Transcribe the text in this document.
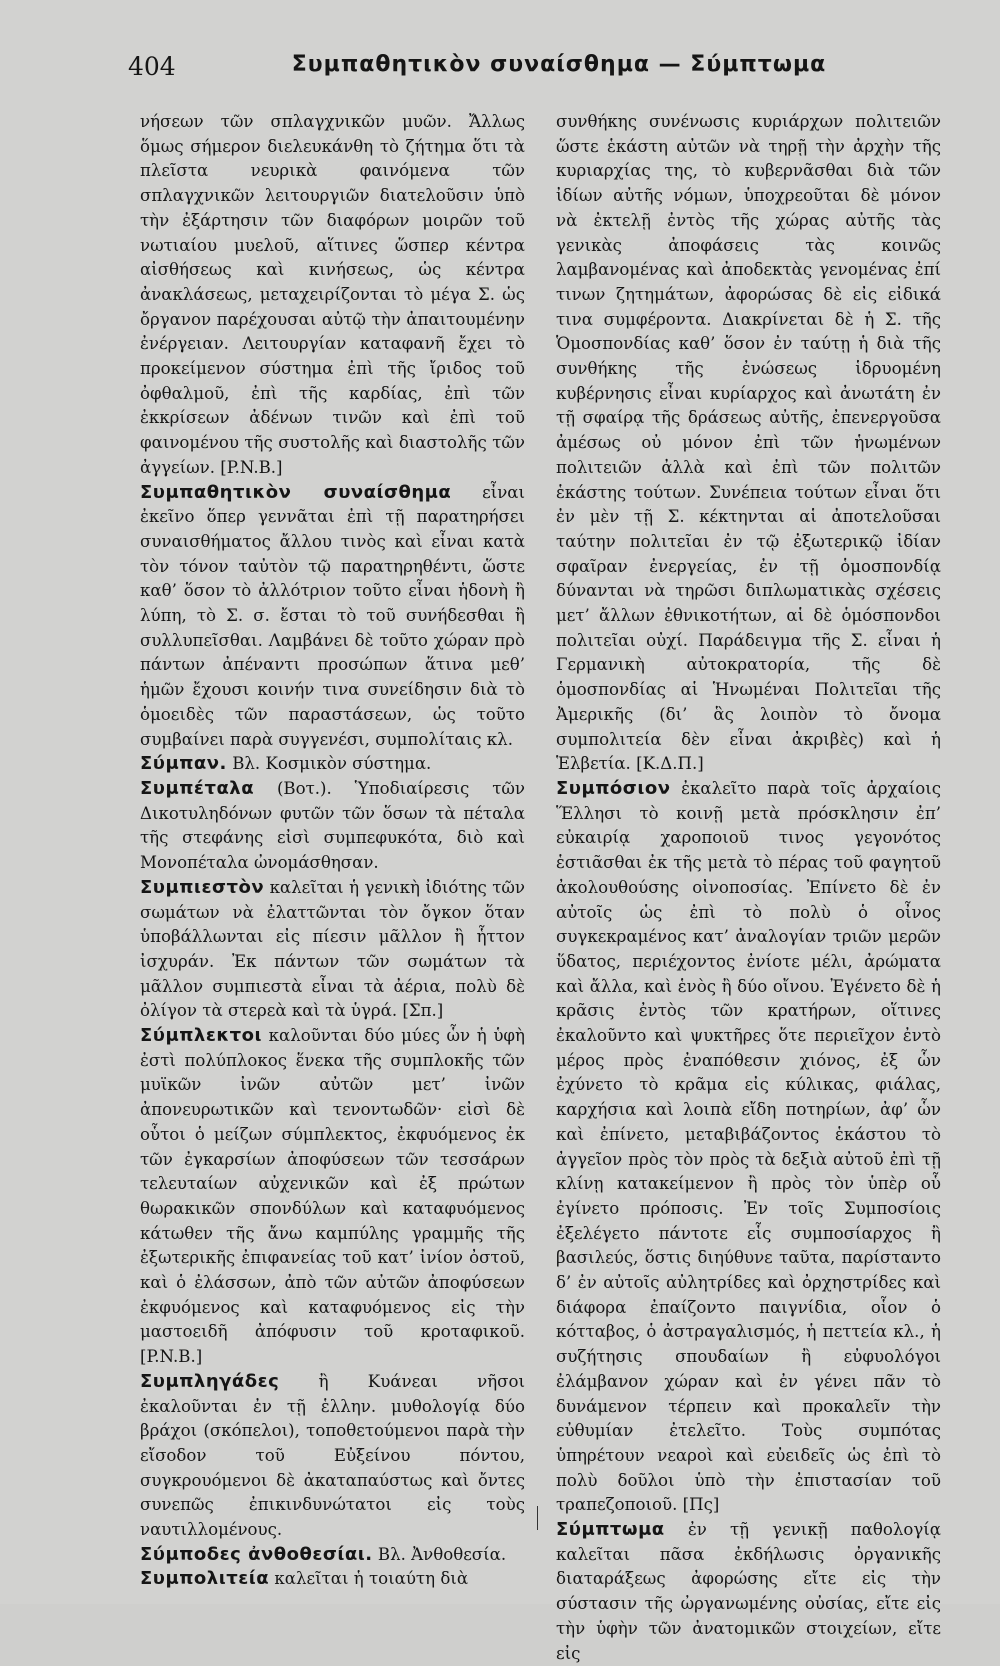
404	Συμπαθητικὸν συναίσθημα — Σύμπτωμα

νήσεων τῶν σπλαγχνικῶν μυῶν. Ἄλλως ὅμως σήμερον διελευκάνθη τὸ ζήτημα ὅτι τὰ πλεῖστα νευρικὰ φαινόμενα τῶν σπλαγχνικῶν λειτουργιῶν διατελοῦσιν ὑπὸ τὴν ἐξάρτησιν τῶν διαφόρων μοιρῶν τοῦ νωτιαίου μυελοῦ, αἵτινες ὥσπερ κέντρα αἰσθήσεως καὶ κινήσεως, ὡς κέντρα ἀνακλάσεως, μεταχειρίζονται τὸ μέγα Σ. ὡς ὄργανον παρέχουσαι αὐτῷ τὴν ἀπαιτουμένην ἐνέργειαν. Λειτουργίαν καταφανῆ ἔχει τὸ προκείμενον σύστημα ἐπὶ τῆς ἴριδος τοῦ ὀφθαλμοῦ, ἐπὶ τῆς καρδίας, ἐπὶ τῶν ἐκκρίσεων ἀδένων τινῶν καὶ ἐπὶ τοῦ φαινομένου τῆς συστολῆς καὶ διαστολῆς τῶν ἀγγείων. [P.N.B.]

Συμπαθητικὸν συναίσθημα εἶναι ἐκεῖνο ὅπερ γεννᾶται ἐπὶ τῇ παρατηρήσει συναισθήματος ἄλλου τινὸς καὶ εἶναι κατὰ τὸν τόνον ταὐτὸν τῷ παρατηρηθέντι, ὥστε καθ’ ὅσον τὸ ἀλλότριον τοῦτο εἶναι ἡδονὴ ἢ λύπη, τὸ Σ. σ. ἔσται τὸ τοῦ συνήδεσθαι ἢ συλλυπεῖσθαι. Λαμβάνει δὲ τοῦτο χώραν πρὸ πάντων ἀπέναντι προσώπων ἅτινα μεθ’ ἡμῶν ἔχουσι κοινήν τινα συνείδησιν διὰ τὸ ὁμοειδὲς τῶν παραστάσεων, ὡς τοῦτο συμβαίνει παρὰ συγγενέσι, συμπολίταις κλ.

Σύμπαν. Βλ. Κοσμικὸν σύστημα.

Συμπέταλα (Βοτ.). Ὑποδιαίρεσις τῶν Δικοτυληδόνων φυτῶν τῶν ὅσων τὰ πέταλα τῆς στεφάνης εἰσὶ συμπεφυκότα, διὸ καὶ Μονοπέταλα ὠνομάσθησαν.

Συμπιεστὸν καλεῖται ἡ γενικὴ ἰδιότης τῶν σωμάτων νὰ ἐλαττῶνται τὸν ὄγκον ὅταν ὑποβάλλωνται εἰς πίεσιν μᾶλλον ἢ ἧττον ἰσχυράν. Ἐκ πάντων τῶν σωμάτων τὰ μᾶλλον συμπιεστὰ εἶναι τὰ ἀέρια, πολὺ δὲ ὀλίγον τὰ στερεὰ καὶ τὰ ὑγρά. [Σπ.]

Σύμπλεκτοι καλοῦνται δύο μύες ὧν ἡ ὑφὴ ἐστὶ πολύπλοκος ἕνεκα τῆς συμπλοκῆς τῶν μυϊκῶν ἰνῶν αὐτῶν μετ’ ἰνῶν ἀπονευρωτικῶν καὶ τενοντωδῶν· εἰσὶ δὲ οὗτοι ὁ μείζων σύμπλεκτος, ἐκφυόμενος ἐκ τῶν ἐγκαρσίων ἀποφύσεων τῶν τεσσάρων τελευταίων αὐχενικῶν καὶ ἐξ πρώτων θωρακικῶν σπονδύλων καὶ καταφυόμενος κάτωθεν τῆς ἄνω καμπύλης γραμμῆς τῆς ἐξωτερικῆς ἐπιφανείας τοῦ κατ’ ἰνίον ὀστοῦ, καὶ ὁ ἐλάσσων, ἀπὸ τῶν αὐτῶν ἀποφύσεων ἐκφυόμενος καὶ καταφυόμενος εἰς τὴν μαστοειδῆ ἀπόφυσιν τοῦ κροταφικοῦ. [P.N.B.]

Συμπληγάδες ἢ Κυάνεαι νῆσοι ἐκαλοῦνται ἐν τῇ ἑλλην. μυθολογίᾳ δύο βράχοι (σκόπελοι), τοποθετούμενοι παρὰ τὴν εἴσοδον τοῦ Εὐξείνου πόντου, συγκρουόμενοι δὲ ἀκαταπαύστως καὶ ὄντες συνεπῶς ἐπικινδυνώτατοι εἰς τοὺς ναυτιλλομένους.

Σύμποδες ἀνθοθεσίαι. Βλ. Ἀνθοθεσία.

Συμπολιτεία καλεῖται ἡ τοιαύτη διὰ

συνθήκης συνένωσις κυριάρχων πολιτειῶν ὥστε ἑκάστη αὐτῶν νὰ τηρῇ τὴν ἀρχὴν τῆς κυριαρχίας της, τὸ κυβερνᾶσθαι διὰ τῶν ἰδίων αὐτῆς νόμων, ὑποχρεοῦται δὲ μόνον νὰ ἐκτελῇ ἐντὸς τῆς χώρας αὐτῆς τὰς γενικὰς ἀποφάσεις τὰς κοινῶς λαμβανομένας καὶ ἀποδεκτὰς γενομένας ἐπί τινων ζητημάτων, ἀφορώσας δὲ εἰς εἰδικά τινα συμφέροντα. Διακρίνεται δὲ ἡ Σ. τῆς Ὁμοσπονδίας καθ’ ὅσον ἐν ταύτῃ ἡ διὰ τῆς συνθήκης τῆς ἐνώσεως ἱδρυομένη κυβέρνησις εἶναι κυρίαρχος καὶ ἀνωτάτη ἐν τῇ σφαίρᾳ τῆς δράσεως αὐτῆς, ἐπενεργοῦσα ἀμέσως οὐ μόνον ἐπὶ τῶν ἡνωμένων πολιτειῶν ἀλλὰ καὶ ἐπὶ τῶν πολιτῶν ἑκάστης τούτων. Συνέπεια τούτων εἶναι ὅτι ἐν μὲν τῇ Σ. κέκτηνται αἱ ἀποτελοῦσαι ταύτην πολιτεῖαι ἐν τῷ ἐξωτερικῷ ἰδίαν σφαῖραν ἐνεργείας, ἐν τῇ ὁμοσπονδίᾳ δύνανται νὰ τηρῶσι διπλωματικὰς σχέσεις μετ’ ἄλλων ἐθνικοτήτων, αἱ δὲ ὁμόσπονδοι πολιτεῖαι οὐχί. Παράδειγμα τῆς Σ. εἶναι ἡ Γερμανικὴ αὐτοκρατορία, τῆς δὲ ὁμοσπονδίας αἱ Ἡνωμέναι Πολιτεῖαι τῆς Ἀμερικῆς (δι’ ἃς λοιπὸν τὸ ὄνομα συμπολιτεία δὲν εἶναι ἀκριβὲς) καὶ ἡ Ἑλβετία. [Κ.Δ.Π.]

Συμπόσιον ἐκαλεῖτο παρὰ τοῖς ἀρχαίοις Ἕλλησι τὸ κοινῇ μετὰ πρόσκλησιν ἐπ’ εὐκαιρίᾳ χαροποιοῦ τινος γεγονότος ἑστιᾶσθαι ἐκ τῆς μετὰ τὸ πέρας τοῦ φαγητοῦ ἀκολουθούσης οἰνοποσίας. Ἐπίνετο δὲ ἐν αὐτοῖς ὡς ἐπὶ τὸ πολὺ ὁ οἶνος συγκεκραμένος κατ’ ἀναλογίαν τριῶν μερῶν ὕδατος, περιέχοντος ἐνίοτε μέλι, ἀρώματα καὶ ἄλλα, καὶ ἑνὸς ἢ δύο οἴνου. Ἐγένετο δὲ ἡ κρᾶσις ἐντὸς τῶν κρατήρων, οἵτινες ἐκαλοῦντο καὶ ψυκτῆρες ὅτε περιεῖχον ἐντὸ μέρος πρὸς ἐναπόθεσιν χιόνος, ἐξ ὧν ἐχύνετο τὸ κρᾶμα εἰς κύλικας, φιάλας, καρχήσια καὶ λοιπὰ εἴδη ποτηρίων, ἀφ’ ὧν καὶ ἐπίνετο, μεταβιβάζοντος ἑκάστου τὸ ἀγγεῖον πρὸς τὸν πρὸς τὰ δεξιὰ αὐτοῦ ἐπὶ τῇ κλίνῃ κατακείμενον ἢ πρὸς τὸν ὑπὲρ οὗ ἐγίνετο πρόποσις. Ἐν τοῖς Συμποσίοις ἐξελέγετο πάντοτε εἷς συμποσίαρχος ἢ βασιλεύς, ὅστις διηύθυνε ταῦτα, παρίσταντο δ’ ἐν αὐτοῖς αὐλητρίδες καὶ ὀρχηστρίδες καὶ διάφορα ἐπαίζοντο παιγνίδια, οἷον ὁ κότταβος, ὁ ἀστραγαλισμός, ἡ πεττεία κλ., ἡ συζήτησις σπουδαίων ἢ εὐφυολόγοι ἐλάμβανον χώραν καὶ ἐν γένει πᾶν τὸ δυνάμενον τέρπειν καὶ προκαλεῖν τὴν εὐθυμίαν ἐτελεῖτο. Τοὺς συμπότας ὑπηρέτουν νεαροὶ καὶ εὐειδεῖς ὡς ἐπὶ τὸ πολὺ δοῦλοι ὑπὸ τὴν ἐπιστασίαν τοῦ τραπεζοποιοῦ. [Πς]

Σύμπτωμα ἐν τῇ γενικῇ παθολογίᾳ καλεῖται πᾶσα ἐκδήλωσις ὀργανικῆς διαταράξεως ἀφορώσης εἴτε εἰς τὴν σύστασιν τῆς ὠργανωμένης οὐσίας, εἴτε εἰς τὴν ὑφὴν τῶν ἀνατομικῶν στοιχείων, εἴτε εἰς
